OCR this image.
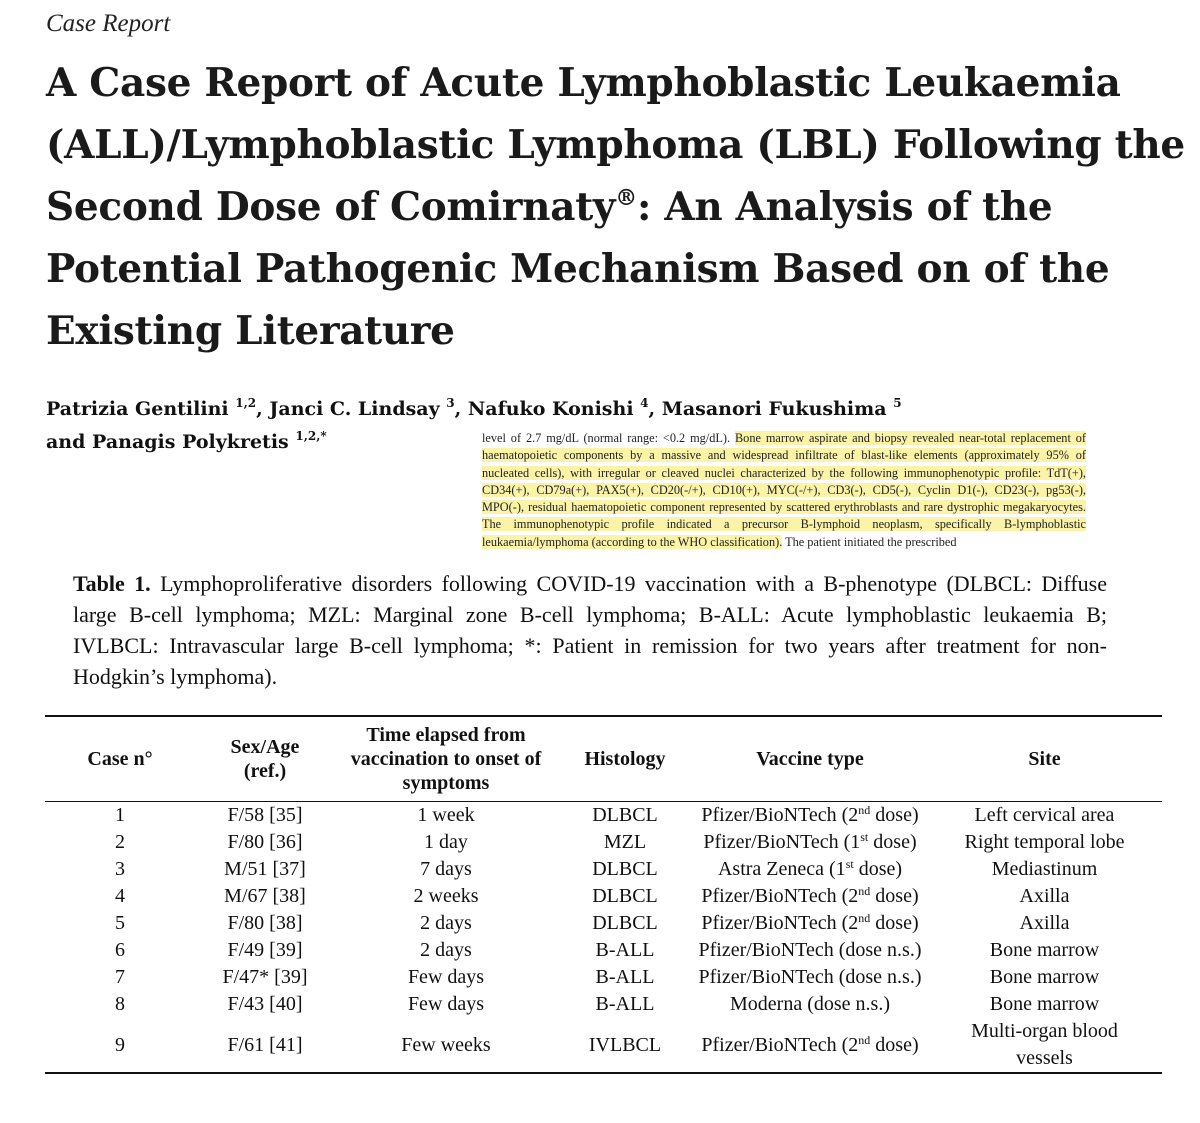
Case Report
A Case Report of Acute Lymphoblastic Leukaemia (ALL)/Lymphoblastic Lymphoma (LBL) Following the Second Dose of Comirnaty®: An Analysis of the Potential Pathogenic Mechanism Based on of the Existing Literature
Patrizia Gentilini $^{1,2}$, Janci C. Lindsay $^3$, Nafuko Konishi $^4$, Masanori Fukushima $^5$
and Panagis Polykretis $^{1,2,*}$	level of 2.7 mg/dL (normal range: <0.2 mg/dL). Bone marrow aspirate and biopsy revealed near-total replacement of haematopoietic components by a massive and widespread infiltrate of blast-like elements (approximately 95% of nucleated cells), with irregular or cleaved nuclei characterized by the following immunophenotypic profile: TdT(+), CD34(+), CD79a(+), PAX5(+), CD20(-/+), CD10(+), MYC(-/+), CD3(-), CD5(-), Cyclin D1(-), CD23(-), pg53(-), MPO(-), residual haematopoietic component represented by scattered erythroblasts and rare dystrophic megakaryocytes. The immunophenotypic profile indicated a precursor B-lymphoid neoplasm, specifically B-lymphoblastic leukaemia/lymphoma (according to the WHO classification). The patient initiated the prescribed
Table 1. Lymphoproliferative disorders following COVID-19 vaccination with a B-phenotype (DLBCL: Diffuse large B-cell lymphoma; MZL: Marginal zone B-cell lymphoma; B-ALL: Acute lymphoblastic leukaemia B; IVLBCL: Intravascular large B-cell lymphoma; *: Patient in remission for two years after treatment for non-Hodgkin’s lymphoma).
Case n°	Sex/Age (ref.)	Time elapsed from vaccination to onset of symptoms	Histology	Vaccine type	Site
1	F/58 [35]	1 week	DLBCL	Pfizer/BioNTech (2nd dose)	Left cervical area
2	F/80 [36]	1 day	MZL	Pfizer/BioNTech (1st dose)	Right temporal lobe
3	M/51 [37]	7 days	DLBCL	Astra Zeneca (1st dose)	Mediastinum
4	M/67 [38]	2 weeks	DLBCL	Pfizer/BioNTech (2nd dose)	Axilla
5	F/80 [38]	2 days	DLBCL	Pfizer/BioNTech (2nd dose)	Axilla
6	F/49 [39]	2 days	B-ALL	Pfizer/BioNTech (dose n.s.)	Bone marrow
7	F/47* [39]	Few days	B-ALL	Pfizer/BioNTech (dose n.s.)	Bone marrow
8	F/43 [40]	Few days	B-ALL	Moderna (dose n.s.)	Bone marrow
9	F/61 [41]	Few weeks	IVLBCL	Pfizer/BioNTech (2nd dose)	Multi-organ blood vessels
